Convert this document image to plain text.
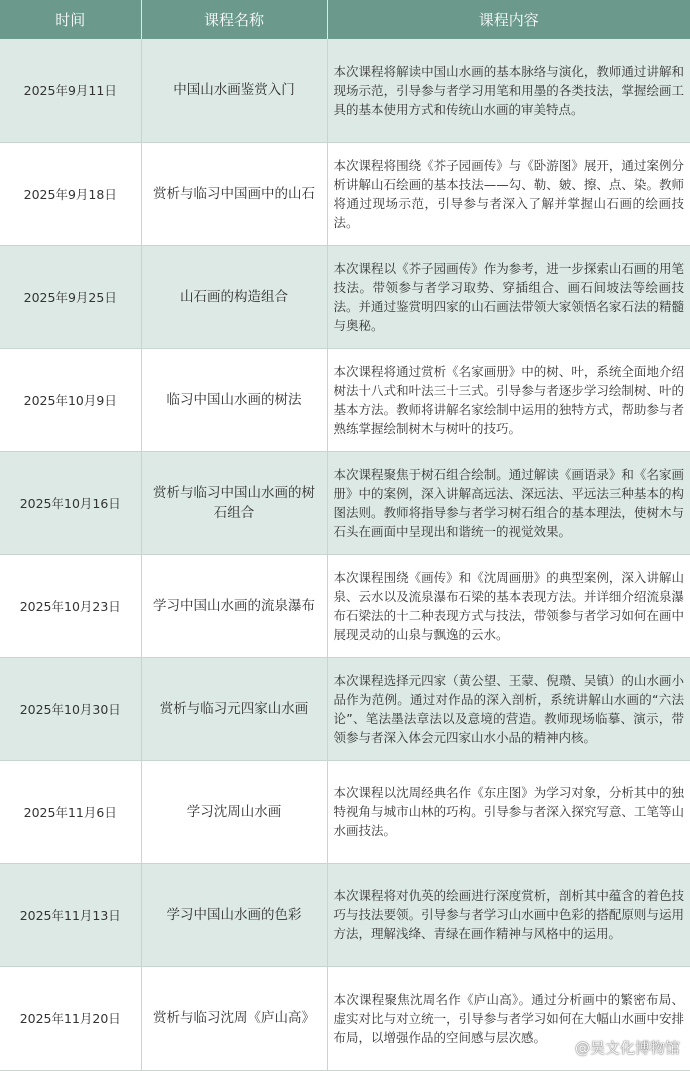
时间	课程名称	课程内容
2025年9月11日	中国山水画鉴赏入门	本次课程将解读中国山水画的基本脉络与演化，教师通过讲解和现场示范，引导参与者学习用笔和用墨的各类技法，掌握绘画工具的基本使用方式和传统山水画的审美特点。
2025年9月18日	赏析与临习中国画中的山石	本次课程将围绕《芥子园画传》与《卧游图》展开，通过案例分析讲解山石绘画的基本技法——勾、勒、皴、擦、点、染。教师将通过现场示范，引导参与者深入了解并掌握山石画的绘画技法。
2025年9月25日	山石画的构造组合	本次课程以《芥子园画传》作为参考，进一步探索山石画的用笔技法。带领参与者学习取势、穿插组合、画石间坡法等绘画技法。并通过鉴赏明四家的山石画法带领大家领悟名家石法的精髓与奥秘。
2025年10月9日	临习中国山水画的树法	本次课程将通过赏析《名家画册》中的树、叶，系统全面地介绍树法十八式和叶法三十三式。引导参与者逐步学习绘制树、叶的基本方法。教师将讲解名家绘制中运用的独特方式，帮助参与者熟练掌握绘制树木与树叶的技巧。
2025年10月16日	赏析与临习中国山水画的树石组合	本次课程聚焦于树石组合绘制。通过解读《画语录》和《名家画册》中的案例，深入讲解高远法、深远法、平远法三种基本的构图法则。教师将指导参与者学习树石组合的基本理法，使树木与石头在画面中呈现出和谐统一的视觉效果。
2025年10月23日	学习中国山水画的流泉瀑布	本次课程围绕《画传》和《沈周画册》的典型案例，深入讲解山泉、云水以及流泉瀑布石梁的基本表现方法。并详细介绍流泉瀑布石梁法的十二种表现方式与技法，带领参与者学习如何在画中展现灵动的山泉与飘逸的云水。
2025年10月30日	赏析与临习元四家山水画	本次课程选择元四家（黄公望、王蒙、倪瓒、吴镇）的山水画小品作为范例。通过对作品的深入剖析，系统讲解山水画的“六法论”、笔法墨法章法以及意境的营造。教师现场临摹、演示，带领参与者深入体会元四家山水小品的精神内核。
2025年11月6日	学习沈周山水画	本次课程以沈周经典名作《东庄图》为学习对象，分析其中的独特视角与城市山林的巧构。引导参与者深入探究写意、工笔等山水画技法。
2025年11月13日	学习中国山水画的色彩	本次课程将对仇英的绘画进行深度赏析，剖析其中蕴含的着色技巧与技法要领。引导参与者学习山水画中色彩的搭配原则与运用方法，理解浅绛、青绿在画作精神与风格中的运用。
2025年11月20日	赏析与临习沈周《庐山高》	本次课程聚焦沈周名作《庐山高》。通过分析画中的繁密布局、虚实对比与对立统一，引导参与者学习如何在大幅山水画中安排布局，以增强作品的空间感与层次感。
@吴文化博物馆
